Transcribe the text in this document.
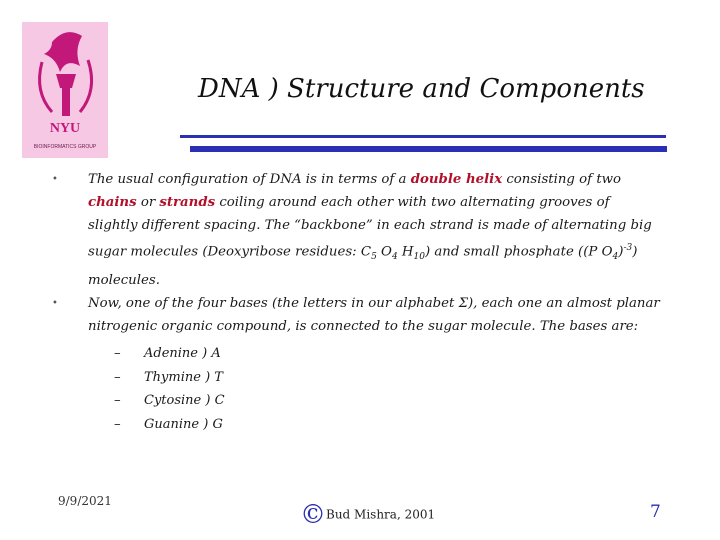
NYU
BIOINFORMATICS GROUP
DNA ) Structure and Components
•	The usual configuration of DNA is in terms of a double helix consisting of two chains or strands coiling around each other with two alternating grooves of slightly different spacing. The “backbone” in each strand is made of alternating big sugar molecules (Deoxyribose residues: $C_5$ $O_4$ $H_{10}$) and small phosphate ((P $O_4)^{-3}$) molecules.
•	Now, one of the four bases (the letters in our alphabet Σ), each one an almost planar nitrogenic organic compound, is connected to the sugar molecule. The bases are:
–	Adenine ) A
–	Thymine ) T
–	Cytosine ) C
–	Guanine ) G
9/9/2021	©Bud Mishra, 2001	7
